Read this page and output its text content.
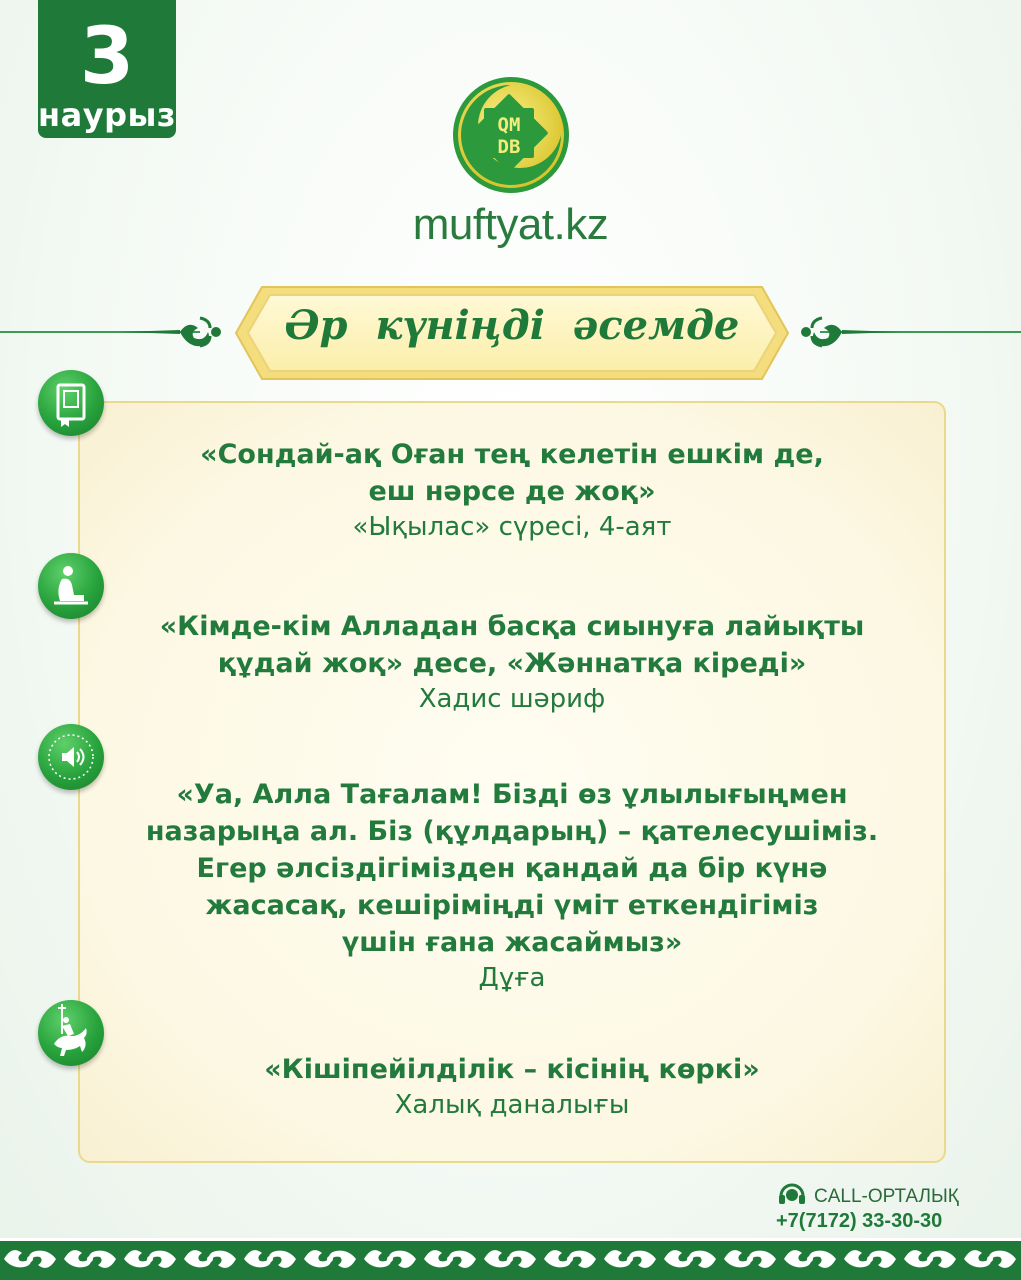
3
наурыз	QM
DB
muftyat.kz
Әр күніңді әсемде
«Сондай-ақ Оған тең келетін ешкім де,
еш нәрсе де жоқ»
«Ықылас» сүресі, 4-аят
«Кімде-кім Алладан басқа сиынуға лайықты
құдай жоқ» десе, «Жәннатқа кіреді»
Хадис шәриф
«Уа, Алла Тағалам! Бізді өз ұлылығыңмен
назарыңа ал. Біз (құлдарың) – қателесушіміз.
Егер әлсіздігімізден қандай да бір күнә
жасасақ, кешіріміңді үміт еткендігіміз
үшін ғана жасаймыз»
Дұға
«Кішіпейілділік – кісінің көркі»
Халық даналығы
CALL-ОРТАЛЫҚ
+7(7172) 33-30-30
